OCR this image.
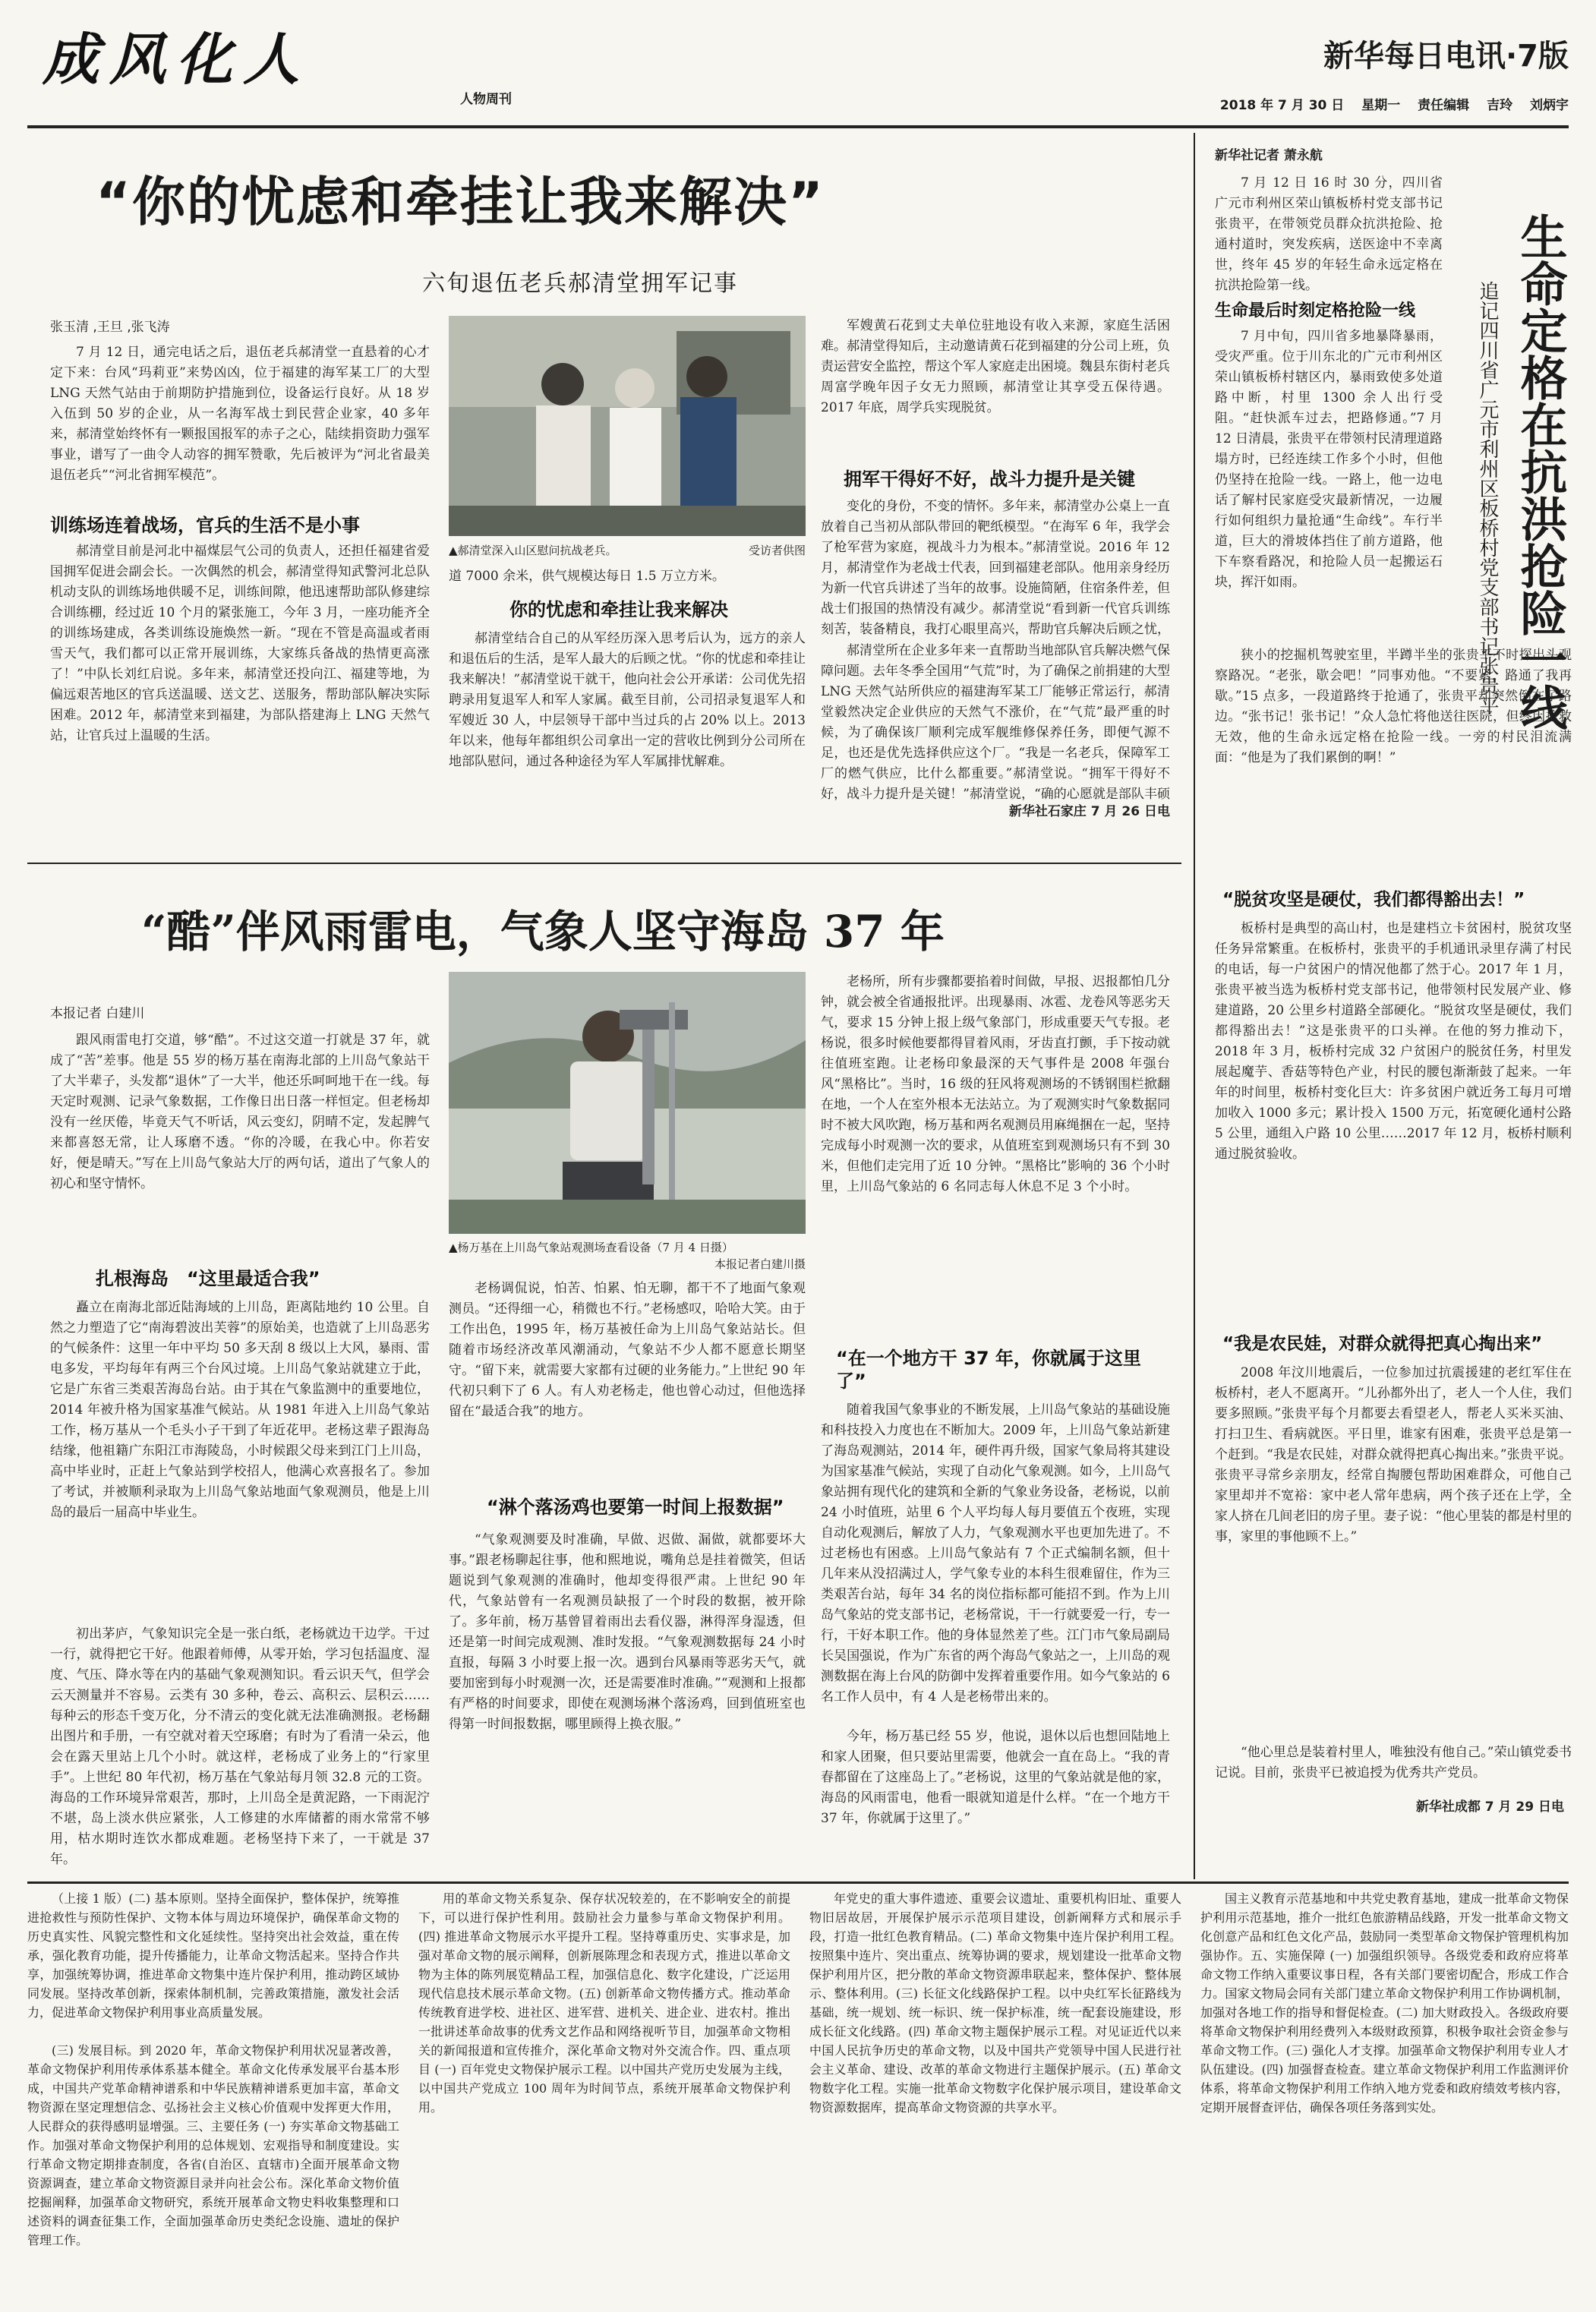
成风化人
人物周刊
新华每日电讯·7版
2018 年 7 月 30 日　 星期一　 责任编辑　 吉玲　 刘炳宇
“你的忧虑和牵挂让我来解决”
六旬退伍老兵郝清堂拥军记事
张玉清 ,王旦 ,张飞涛

7 月 12 日，通完电话之后，退伍老兵郝清堂一直悬着的心才定下来：台风“玛莉亚”来势凶凶，位于福建的海军某工厂的大型 LNG 天然气站由于前期防护措施到位，设备运行良好。从 18 岁入伍到 50 岁的企业，从一名海军战士到民营企业家，40 多年来，郝清堂始终怀有一颗报国报军的赤子之心，陆续捐资助力强军事业，谱写了一曲令人动容的拥军赞歌，先后被评为“河北省最美退伍老兵”“河北省拥军模范”。

训练场连着战场，官兵的生活不是小事

郝清堂目前是河北中福煤层气公司的负责人，还担任福建省爱国拥军促进会副会长。一次偶然的机会，郝清堂得知武警河北总队机动支队的训练场地供暖不足，训练间隙，他迅速帮助部队修建综合训练棚，经过近 10 个月的紧张施工，今年 3 月，一座功能齐全的训练场建成，各类训练设施焕然一新。“现在不管是高温或者雨雪天气，我们都可以正常开展训练，大家练兵备战的热情更高涨了！”中队长刘红启说。多年来，郝清堂还投向江、福建等地，为偏远艰苦地区的官兵送温暖、送文艺、送服务，帮助部队解决实际困难。2012 年，郝清堂来到福建，为部队搭建海上 LNG 天然气站，让官兵过上温暖的生活。

▲郝清堂深入山区慰问抗战老兵。	受访者供图

道 7000 余米，供气规模达每日 1.5 万立方米。

你的忧虑和牵挂让我来解决

郝清堂结合自己的从军经历深入思考后认为，远方的亲人和退伍后的生活，是军人最大的后顾之忧。“你的忧虑和牵挂让我来解决！”郝清堂说干就干，他向社会公开承诺：公司优先招聘录用复退军人和军人家属。截至目前，公司招录复退军人和军嫂近 30 人，中层领导干部中当过兵的占 20% 以上。2013 年以来，他每年都组织公司拿出一定的营收比例到分公司所在地部队慰问，通过各种途径为军人军属排忧解难。

军嫂黄石花到丈夫单位驻地设有收入来源，家庭生活困难。郝清堂得知后，主动邀请黄石花到福建的分公司上班，负责运营安全监控，帮这个军人家庭走出困境。魏县东街村老兵周富学晚年因子女无力照顾，郝清堂让其享受五保待遇。2017 年底，周学兵实现脱贫。

拥军干得好不好，战斗力提升是关键

变化的身份，不变的情怀。多年来，郝清堂办公桌上一直放着自己当初从部队带回的靶纸模型。“在海军 6 年，我学会了枪军营为家庭，视战斗力为根本。”郝清堂说。2016 年 12 月，郝清堂作为老战士代表，回到福建老部队。他用亲身经历为新一代官兵讲述了当年的故事。设施简陋，住宿条件差，但战士们报国的热情没有减少。郝清堂说“看到新一代官兵训练刻苦，装备精良，我打心眼里高兴，帮助官兵解决后顾之忧，

郝清堂所在企业多年来一直帮助当地部队官兵解决燃气保障问题。去年冬季全国用“气荒”时，为了确保之前捐建的大型 LNG 天然气站所供应的福建海军某工厂能够正常运行，郝清堂毅然决定企业供应的天然气不涨价，在“气荒”最严重的时候，为了确保该厂顺利完成军舰维修保养任务，即便气源不足，也还是优先选择供应这个厂。“我是一名老兵，保障军工厂的燃气供应，比什么都重要。”郝清堂说。“拥军干得好不好，战斗力提升是关键！”郝清堂说，“确的心愿就是部队丰硕

新华社石家庄 7 月 26 日电
“酷”伴风雨雷电，气象人坚守海岛 37 年
本报记者 白建川

跟风雨雷电打交道，够“酷”。不过这交道一打就是 37 年，就成了“苦”差事。他是 55 岁的杨万基在南海北部的上川岛气象站干了大半辈子，头发都“退休”了一大半，他还乐呵呵地干在一线。每天定时观测、记录气象数据，工作像日出日落一样恒定。但老杨却没有一丝厌倦，毕竟天气不听话，风云变幻，阴晴不定，发起脾气来都喜怒无常，让人琢磨不透。“你的冷暖，在我心中。你若安好，便是晴天。”写在上川岛气象站大厅的两句话，道出了气象人的初心和坚守情怀。

扎根海岛　“这里最适合我”

矗立在南海北部近陆海域的上川岛，距离陆地约 10 公里。自然之力塑造了它“南海碧波出芙蓉”的原始美，也造就了上川岛恶劣的气候条件：这里一年中平均 50 多天刮 8 级以上大风，暴雨、雷电多发，平均每年有两三个台风过境。上川岛气象站就建立于此，它是广东省三类艰苦海岛台站。由于其在气象监测中的重要地位，2014 年被升格为国家基准气候站。从 1981 年进入上川岛气象站工作，杨万基从一个毛头小子干到了年近花甲。老杨这辈子跟海岛结缘，他祖籍广东阳江市海陵岛，小时候跟父母来到江门上川岛，高中毕业时，正赶上气象站到学校招人，他满心欢喜报名了。参加了考试，并被顺利录取为上川岛气象站地面气象观测员，他是上川岛的最后一届高中毕业生。

初出茅庐，气象知识完全是一张白纸，老杨就边干边学。干过一行，就得把它干好。他跟着师傅，从零开始，学习包括温度、湿度、气压、降水等在内的基础气象观测知识。看云识天气，但学会云天测量并不容易。云类有 30 多种，卷云、高积云、层积云……每种云的形态千变万化，分不清云的变化就无法准确测报。老杨翻出图片和手册，一有空就对着天空琢磨；有时为了看清一朵云，他会在露天里站上几个小时。就这样，老杨成了业务上的“行家里手”。上世纪 80 年代初，杨万基在气象站每月领 32.8 元的工资。海岛的工作环境异常艰苦，那时，上川岛全是黄泥路，一下雨泥泞不堪，岛上淡水供应紧张，人工修建的水库储蓄的雨水常常不够用，枯水期时连饮水都成难题。老杨坚持下来了，一干就是 37 年。

▲杨万基在上川岛气象站观测场查看设备（7 月 4 日摄）
本报记者白建川摄

老杨调侃说，怕苦、怕累、怕无聊，都干不了地面气象观测员。“还得细一心，稍微也不行。”老杨感叹，哈哈大笑。由于工作出色，1995 年，杨万基被任命为上川岛气象站站长。但随着市场经济改革风潮涌动，气象站不少人都不愿意长期坚守。“留下来，就需要大家都有过硬的业务能力。”上世纪 90 年代初只剩下了 6 人。有人劝老杨走，他也曾心动过，但他选择留在“最适合我”的地方。

“淋个落汤鸡也要第一时间上报数据”

“气象观测要及时准确，早做、迟做、漏做，就都要坏大事。”跟老杨聊起往事，他和熙地说，嘴角总是挂着微笑，但话题说到气象观测的准确时，他却变得很严肃。上世纪 90 年代，气象站曾有一名观测员缺报了一个时段的数据，被开除了。多年前，杨万基曾冒着雨出去看仪器，淋得浑身湿透，但还是第一时间完成观测、准时发报。“气象观测数据每 24 小时直报，每隔 3 小时要上报一次。遇到台风暴雨等恶劣天气，就要加密到每小时观测一次，还是需要准时准确。”“观测和上报都有严格的时间要求，即使在观测场淋个落汤鸡，回到值班室也得第一时间报数据，哪里顾得上换衣服。”

老杨所，所有步骤都要掐着时间做，早报、迟报都怕几分钟，就会被全省通报批评。出现暴雨、冰雹、龙卷风等恶劣天气，要求 15 分钟上报上级气象部门，形成重要天气专报。老杨说，很多时候他要都得冒着风雨，牙齿直打颤，手下按动就往值班室跑。让老杨印象最深的天气事件是 2008 年强台风“黑格比”。当时，16 级的狂风将观测场的不锈钢围栏掀翻在地，一个人在室外根本无法站立。为了观测实时气象数据同时不被大风吹跑，杨万基和两名观测员用麻绳捆在一起，坚持完成每小时观测一次的要求，从值班室到观测场只有不到 30 米，但他们走完用了近 10 分钟。“黑格比”影响的 36 个小时里，上川岛气象站的 6 名同志每人休息不足 3 个小时。

“在一个地方干 37 年，你就属于这里了”

随着我国气象事业的不断发展，上川岛气象站的基础设施和科技投入力度也在不断加大。2009 年，上川岛气象站新建了海岛观测站，2014 年，硬件再升级，国家气象局将其建设为国家基准气候站，实现了自动化气象观测。如今，上川岛气象站拥有现代化的建筑和全新的气象业务设备，老杨说，以前 24 小时值班，站里 6 个人平均每人每月要值五个夜班，实现自动化观测后，解放了人力，气象观测水平也更加先进了。不过老杨也有困惑。上川岛气象站有 7 个正式编制名额，但十几年来从没招满过人，学气象专业的本科生很难留住，作为三类艰苦台站，每年 34 名的岗位指标都可能招不到。作为上川岛气象站的党支部书记，老杨常说，干一行就要爱一行，专一行，干好本职工作。他的身体显然差了些。江门市气象局副局长吴国强说，作为广东省的两个海岛气象站之一，上川岛的观测数据在海上台风的防御中发挥着重要作用。如今气象站的 6 名工作人员中，有 4 人是老杨带出来的。

今年，杨万基已经 55 岁，他说，退休以后也想回陆地上和家人团聚，但只要站里需要，他就会一直在岛上。“我的青春都留在了这座岛上了。”老杨说，这里的气象站就是他的家，海岛的风雨雷电，他看一眼就知道是什么样。“在一个地方干 37 年，你就属于这里了。”

新华社记者 萧永航

7 月 12 日 16 时 30 分，四川省广元市利州区荣山镇板桥村党支部书记张贵平，在带领党员群众抗洪抢险、抢通村道时，突发疾病，送医途中不幸离世，终年 45 岁的年轻生命永远定格在抗洪抢险第一线。	生命定格在抗洪抢险一线
追记四川省广元市利州区板桥村党支部书记张贵平
生命最后时刻定格抢险一线

7 月中旬，四川省多地暴降暴雨，受灾严重。位于川东北的广元市利州区荣山镇板桥村辖区内，暴雨致使多处道路中断，村里 1300 余人出行受阻。“赶快派车过去，把路修通。”7 月 12 日清晨，张贵平在带领村民清理道路塌方时，已经连续工作多个小时，但他仍坚持在抢险一线。一路上，他一边电话了解村民家庭受灾最新情况，一边履行如何组织力量抢通“生命线”。车行半道，巨大的滑坡体挡住了前方道路，他下车察看路况，和抢险人员一起搬运石块，挥汗如雨。

狭小的挖掘机驾驶室里，半蹲半坐的张贵平不时探出头观察路况。“老张，歇会吧！”同事劝他。“不要紧，路通了我再歇。”15 点多，一段道路终于抢通了，张贵平却突然倒在了路边。“张书记！张书记！”众人急忙将他送往医院，但终因抢救无效，他的生命永远定格在抢险一线。一旁的村民泪流满面：“他是为了我们累倒的啊！”

“脱贫攻坚是硬仗，我们都得豁出去！”

板桥村是典型的高山村，也是建档立卡贫困村，脱贫攻坚任务异常繁重。在板桥村，张贵平的手机通讯录里存满了村民的电话，每一户贫困户的情况他都了然于心。2017 年 1 月，张贵平被当选为板桥村党支部书记，他带领村民发展产业、修建道路，20 公里乡村道路全部硬化。“脱贫攻坚是硬仗，我们都得豁出去！”这是张贵平的口头禅。在他的努力推动下，2018 年 3 月，板桥村完成 32 户贫困户的脱贫任务，村里发展起魔芋、香菇等特色产业，村民的腰包渐渐鼓了起来。一年年的时间里，板桥村变化巨大：许多贫困户就近务工每月可增加收入 1000 多元；累计投入 1500 万元，拓宽硬化通村公路 5 公里，通组入户路 10 公里……2017 年 12 月，板桥村顺利通过脱贫验收。

“我是农民娃，对群众就得把真心掏出来”

2008 年汶川地震后，一位参加过抗震援建的老红军住在板桥村，老人不愿离开。“儿孙都外出了，老人一个人住，我们要多照顾。”张贵平每个月都要去看望老人，帮老人买米买油、打扫卫生、看病就医。平日里，谁家有困难，张贵平总是第一个赶到。“我是农民娃，对群众就得把真心掏出来。”张贵平说。张贵平寻常乡亲朋友，经常自掏腰包帮助困难群众，可他自己家里却并不宽裕：家中老人常年患病，两个孩子还在上学，全家人挤在几间老旧的房子里。妻子说：“他心里装的都是村里的事，家里的事他顾不上。”

“他心里总是装着村里人，唯独没有他自己。”荣山镇党委书记说。目前，张贵平已被追授为优秀共产党员。

新华社成都 7 月 29 日电

（上接 1 版）(二) 基本原则。坚持全面保护，整体保护，统筹推进抢救性与预防性保护、文物本体与周边环境保护，确保革命文物的历史真实性、风貌完整性和文化延续性。坚持突出社会效益，重在传承，强化教育功能，提升传播能力，让革命文物活起来。坚持合作共享，加强统筹协调，推进革命文物集中连片保护利用，推动跨区域协同发展。坚持改革创新，探索体制机制，完善政策措施，激发社会活力，促进革命文物保护利用事业高质量发展。

(三) 发展目标。到 2020 年，革命文物保护利用状况显著改善，革命文物保护利用传承体系基本健全。革命文化传承发展平台基本形成，中国共产党革命精神谱系和中华民族精神谱系更加丰富，革命文物资源在坚定理想信念、弘扬社会主义核心价值观中发挥更大作用，人民群众的获得感明显增强。三、主要任务 (一) 夯实革命文物基础工作。加强对革命文物保护利用的总体规划、宏观指导和制度建设。实行革命文物定期排查制度，各省(自治区、直辖市)全面开展革命文物资源调查，建立革命文物资源目录并向社会公布。深化革命文物价值挖掘阐释，加强革命文物研究，系统开展革命文物史料收集整理和口述资料的调查征集工作，全面加强革命历史类纪念设施、遗址的保护管理工作。

用的革命文物关系复杂、保存状况较差的，在不影响安全的前提下，可以进行保护性利用。鼓励社会力量参与革命文物保护利用。(四) 推进革命文物展示水平提升工程。坚持尊重历史、实事求是，加强对革命文物的展示阐释，创新展陈理念和表现方式，推进以革命文物为主体的陈列展览精品工程，加强信息化、数字化建设，广泛运用现代信息技术展示革命文物。(五) 创新革命文物传播方式。推动革命传统教育进学校、进社区、进军营、进机关、进企业、进农村。推出一批讲述革命故事的优秀文艺作品和网络视听节目，加强革命文物相关的新闻报道和宣传推介，深化革命文物对外交流合作。四、重点项目 (一) 百年党史文物保护展示工程。以中国共产党历史发展为主线，以中国共产党成立 100 周年为时间节点，系统开展革命文物保护利用。

年党史的重大事件遗迹、重要会议遗址、重要机构旧址、重要人物旧居故居，开展保护展示示范项目建设，创新阐释方式和展示手段，打造一批红色教育精品。(二) 革命文物集中连片保护利用工程。按照集中连片、突出重点、统筹协调的要求，规划建设一批革命文物保护利用片区，把分散的革命文物资源串联起来，整体保护、整体展示、整体利用。(三) 长征文化线路保护工程。以中央红军长征路线为基础，统一规划、统一标识、统一保护标准，统一配套设施建设，形成长征文化线路。(四) 革命文物主题保护展示工程。对见证近代以来中国人民抗争历史的革命文物，以及中国共产党领导中国人民进行社会主义革命、建设、改革的革命文物进行主题保护展示。(五) 革命文物数字化工程。实施一批革命文物数字化保护展示项目，建设革命文物资源数据库，提高革命文物资源的共享水平。

国主义教育示范基地和中共党史教育基地，建成一批革命文物保护利用示范基地，推介一批红色旅游精品线路，开发一批革命文物文化创意产品和红色文化产品，鼓励同一类型革命文物保护管理机构加强协作。五、实施保障 (一) 加强组织领导。各级党委和政府应将革命文物工作纳入重要议事日程，各有关部门要密切配合，形成工作合力。国家文物局会同有关部门建立革命文物保护利用工作协调机制，加强对各地工作的指导和督促检查。(二) 加大财政投入。各级政府要将革命文物保护利用经费列入本级财政预算，积极争取社会资金参与革命文物工作。(三) 强化人才支撑。加强革命文物保护利用专业人才队伍建设。(四) 加强督查检查。建立革命文物保护利用工作监测评价体系，将革命文物保护利用工作纳入地方党委和政府绩效考核内容，定期开展督查评估，确保各项任务落到实处。
